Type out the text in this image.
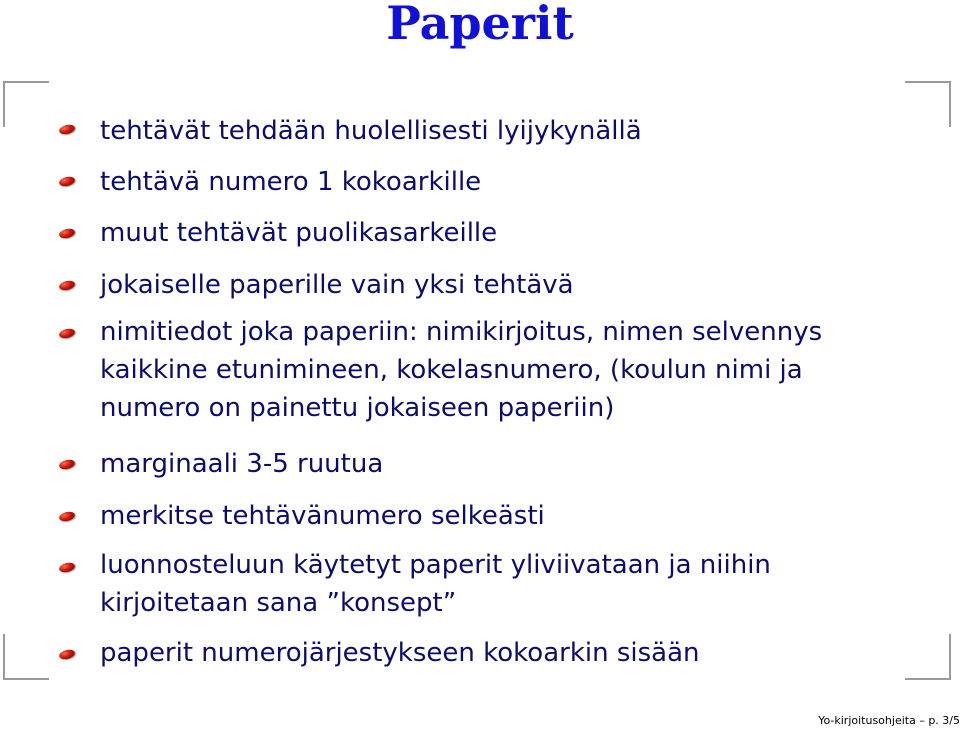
Paperit

tehtävät tehdään huolellisesti lyijykynällä

tehtävä numero 1 kokoarkille

muut tehtävät puolikasarkeille

jokaiselle paperille vain yksi tehtävä

nimitiedot joka paperiin: nimikirjoitus, nimen selvennys
kaikkine etunimineen, kokelasnumero, (koulun nimi ja
numero on painettu jokaiseen paperiin)

marginaali 3-5 ruutua

merkitse tehtävänumero selkeästi

luonnosteluun käytetyt paperit yliviivataan ja niihin
kirjoitetaan sana ”konsept”

paperit numerojärjestykseen kokoarkin sisään

Yo-kirjoitusohjeita – p. 3/5
